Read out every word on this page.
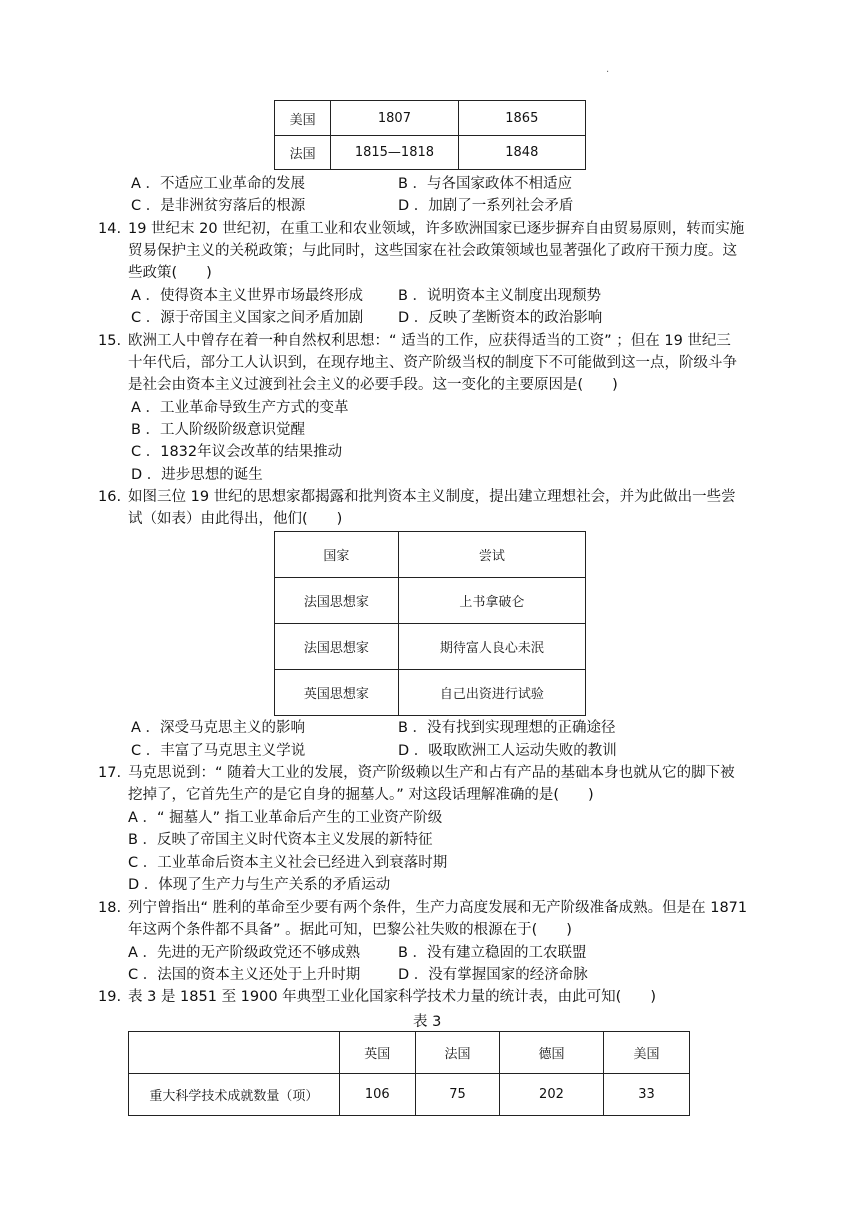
.
美国	1807	1865
法国	1815—1818	1848
A ．不适应工业革命的发展	B ．与各国家政体不相适应
C ．是非洲贫穷落后的根源	D ．加剧了一系列社会矛盾
14. 19 世纪末 20 世纪初，在重工业和农业领域，许多欧洲国家已逐步摒弃自由贸易原则，转而实施
贸易保护主义的关税政策；与此同时，这些国家在社会政策领域也显著强化了政府干预力度。这
些政策(　　)
A ．使得资本主义世界市场最终形成 B ．说明资本主义制度出现颓势
C ．源于帝国主义国家之间矛盾加剧 D ．反映了垄断资本的政治影响
15. 欧洲工人中曾存在着一种自然权利思想：“ 适当的工作，应获得适当的工资” ；但在 19 世纪三
十年代后，部分工人认识到，在现存地主、资产阶级当权的制度下不可能做到这一点，阶级斗争
是社会由资本主义过渡到社会主义的必要手段。这一变化的主要原因是(　　)
A ．工业革命导致生产方式的变革
B ．工人阶级阶级意识觉醒
C ．1832年议会改革的结果推动
D ．进步思想的诞生
16. 如图三位 19 世纪的思想家都揭露和批判资本主义制度，提出建立理想社会，并为此做出一些尝
试（如表）由此得出，他们(　　)
国家	尝试
法国思想家	上书拿破仑
法国思想家	期待富人良心未泯
英国思想家	自己出资进行试验
A ．深受马克思主义的影响	B ．没有找到实现理想的正确途径
C ．丰富了马克思主义学说	D ．吸取欧洲工人运动失败的教训
17. 马克思说到：“ 随着大工业的发展，资产阶级赖以生产和占有产品的基础本身也就从它的脚下被
挖掉了，它首先生产的是它自身的掘墓人。” 对这段话理解准确的是(　　)
A ．“ 掘墓人” 指工业革命后产生的工业资产阶级
B ．反映了帝国主义时代资本主义发展的新特征
C ．工业革命后资本主义社会已经进入到衰落时期
D ．体现了生产力与生产关系的矛盾运动
18. 列宁曾指出“ 胜利的革命至少要有两个条件，生产力高度发展和无产阶级准备成熟。但是在 1871
年这两个条件都不具备” 。据此可知，巴黎公社失败的根源在于(　　)
A ．先进的无产阶级政党还不够成熟	B ．没有建立稳固的工农联盟
C ．法国的资本主义还处于上升时期	D ．没有掌握国家的经济命脉
19. 表 3 是 1851 至 1900 年典型工业化国家科学技术力量的统计表，由此可知(　　)
表 3
	英国	法国	德国	美国
重大科学技术成就数量（项）	106	75	202	33
